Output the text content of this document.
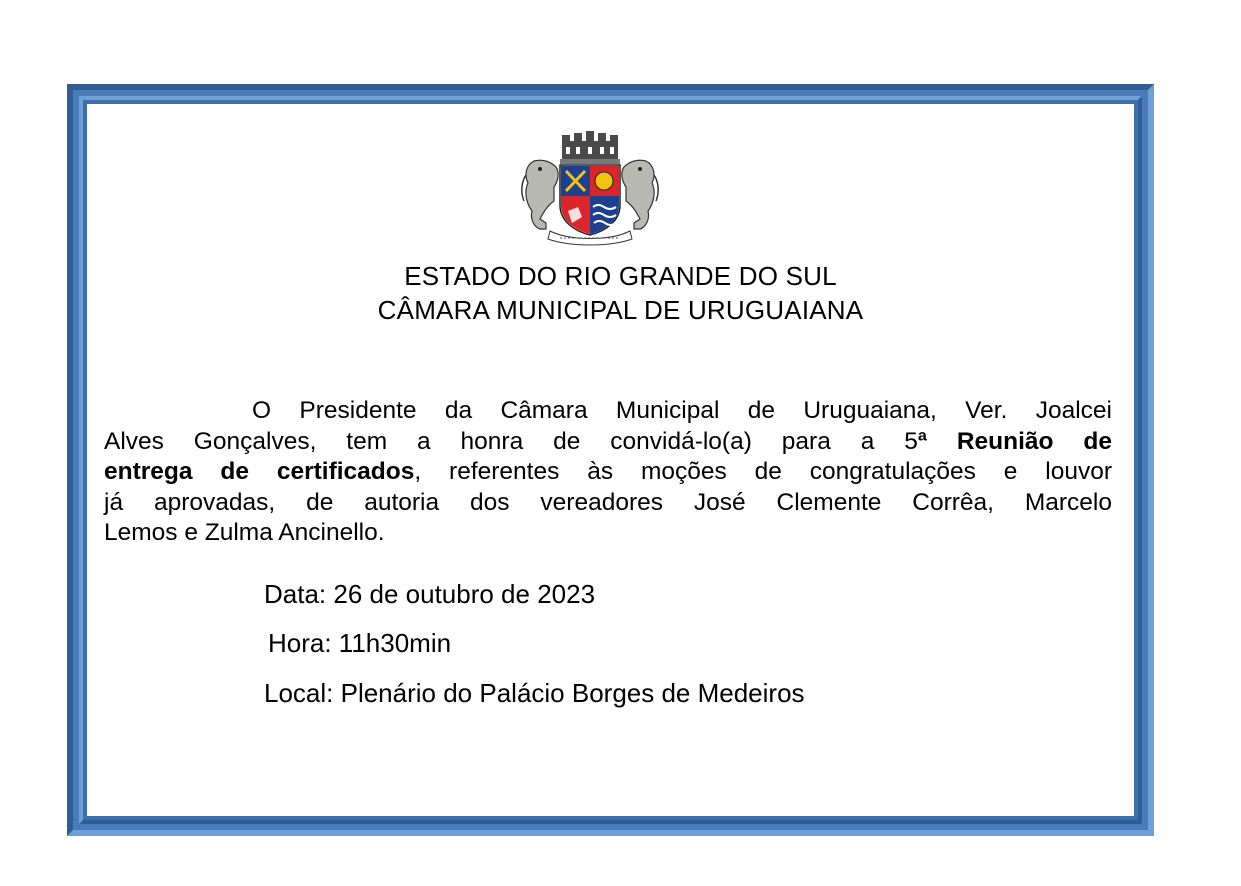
ESTADO DO RIO GRANDE DO SUL
CÂMARA MUNICIPAL DE URUGUAIANA
O Presidente da Câmara Municipal de Uruguaiana, Ver. Joalcei
Alves Gonçalves, tem a honra de convidá-lo(a) para a 5ª Reunião de
entrega de certificados, referentes às moções de congratulações e louvor
já aprovadas, de autoria dos vereadores José Clemente Corrêa, Marcelo
Lemos e Zulma Ancinello.
Data: 26 de outubro de 2023
Hora: 11h30min
Local: Plenário do Palácio Borges de Medeiros
